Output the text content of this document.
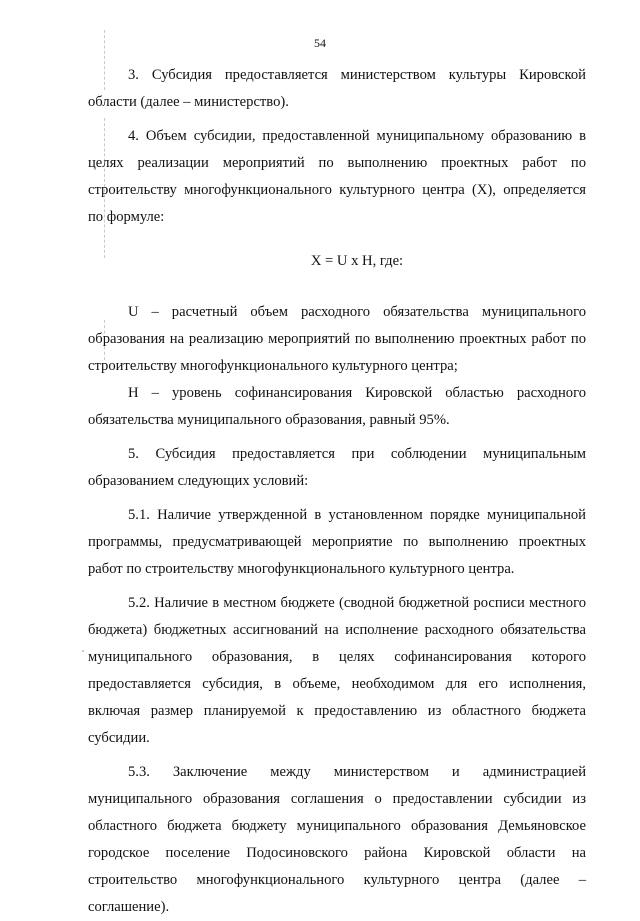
54

3. Субсидия предоставляется министерством культуры Кировской области (далее – министерство).

4. Объем субсидии, предоставленной муниципальному образованию в целях реализации мероприятий по выполнению проектных работ по строительству многофункционального культурного центра (X), определяется по формуле:

X = U x H, где:

U – расчетный объем расходного обязательства муниципального образования на реализацию мероприятий по выполнению проектных работ по строительству многофункционального культурного центра;

H – уровень софинансирования Кировской областью расходного обязательства муниципального образования, равный 95%.

5. Субсидия предоставляется при соблюдении муниципальным образованием следующих условий:

5.1. Наличие утвержденной в установленном порядке муниципальной программы, предусматривающей мероприятие по выполнению проектных работ по строительству многофункционального культурного центра.

5.2. Наличие в местном бюджете (сводной бюджетной росписи местного бюджета) бюджетных ассигнований на исполнение расходного обязательства муниципального образования, в целях софинансирования которого предоставляется субсидия, в объеме, необходимом для его исполнения, включая размер планируемой к предоставлению из областного бюджета субсидии.

5.3. Заключение между министерством и администрацией муниципального образования соглашения о предоставлении субсидии из областного бюджета бюджету муниципального образования Демьяновское городское поселение Подосиновского района Кировской области на строительство многофункционального культурного центра (далее – соглашение).
